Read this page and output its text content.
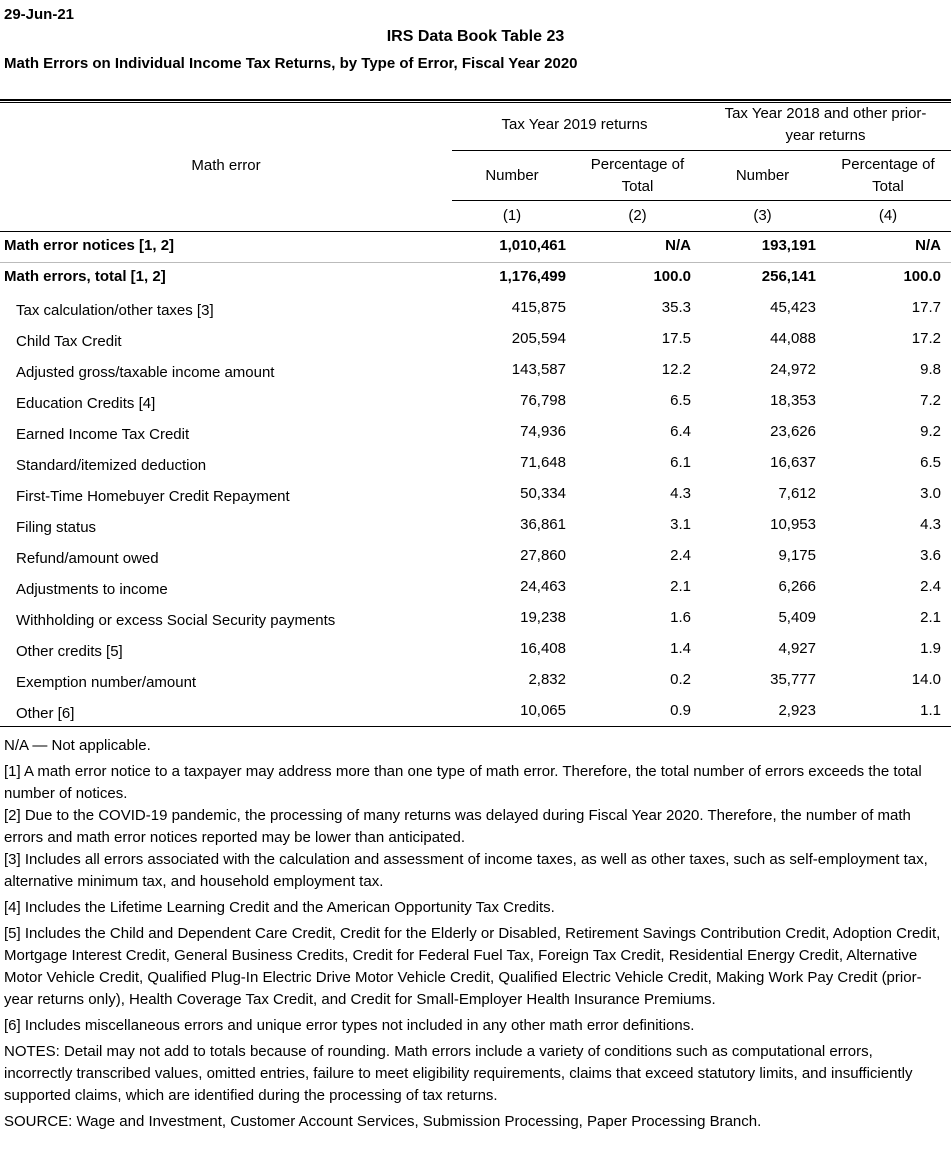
29-Jun-21
IRS Data Book Table 23
Math Errors on Individual Income Tax Returns, by Type of Error, Fiscal Year 2020
Math error
Tax Year 2019 returns
Tax Year 2018 and other prior-
year returns
Number
Percentage of
Total
Number
Percentage of
Total
(1)	(2)	(3)	(4)
Math error notices [1, 2]	1,010,461	N/A	193,191	N/A
Math errors, total [1, 2]	1,176,499	100.0	256,141	100.0
Tax calculation/other taxes [3]	415,875	35.3	45,423	17.7
Child Tax Credit	205,594	17.5	44,088	17.2
Adjusted gross/taxable income amount	143,587	12.2	24,972	9.8
Education Credits [4]	76,798	6.5	18,353	7.2
Earned Income Tax Credit	74,936	6.4	23,626	9.2
Standard/itemized deduction	71,648	6.1	16,637	6.5
First-Time Homebuyer Credit Repayment	50,334	4.3	7,612	3.0
Filing status	36,861	3.1	10,953	4.3
Refund/amount owed	27,860	2.4	9,175	3.6
Adjustments to income	24,463	2.1	6,266	2.4
Withholding or excess Social Security payments	19,238	1.6	5,409	2.1
Other credits [5]	16,408	1.4	4,927	1.9
Exemption number/amount	2,832	0.2	35,777	14.0
Other [6]	10,065	0.9	2,923	1.1

N/A — Not applicable.

[1] A math error notice to a taxpayer may address more than one type of math error. Therefore, the total number of errors exceeds the total number of notices.

[2] Due to the COVID-19 pandemic, the processing of many returns was delayed during Fiscal Year 2020. Therefore, the number of math errors and math error notices reported may be lower than anticipated.

[3] Includes all errors associated with the calculation and assessment of income taxes, as well as other taxes, such as self-employment tax, alternative minimum tax, and household employment tax.

[4] Includes the Lifetime Learning Credit and the American Opportunity Tax Credits.

[5] Includes the Child and Dependent Care Credit, Credit for the Elderly or Disabled, Retirement Savings Contribution Credit, Adoption Credit, Mortgage Interest Credit, General Business Credits, Credit for Federal Fuel Tax, Foreign Tax Credit, Residential Energy Credit, Alternative Motor Vehicle Credit, Qualified Plug-In Electric Drive Motor Vehicle Credit, Qualified Electric Vehicle Credit, Making Work Pay Credit (prior-year returns only), Health Coverage Tax Credit, and Credit for Small-Employer Health Insurance Premiums.

[6] Includes miscellaneous errors and unique error types not included in any other math error definitions.

NOTES: Detail may not add to totals because of rounding. Math errors include a variety of conditions such as computational errors, incorrectly transcribed values, omitted entries, failure to meet eligibility requirements, claims that exceed statutory limits, and insufficiently supported claims, which are identified during the processing of tax returns.

SOURCE: Wage and Investment, Customer Account Services, Submission Processing, Paper Processing Branch.
